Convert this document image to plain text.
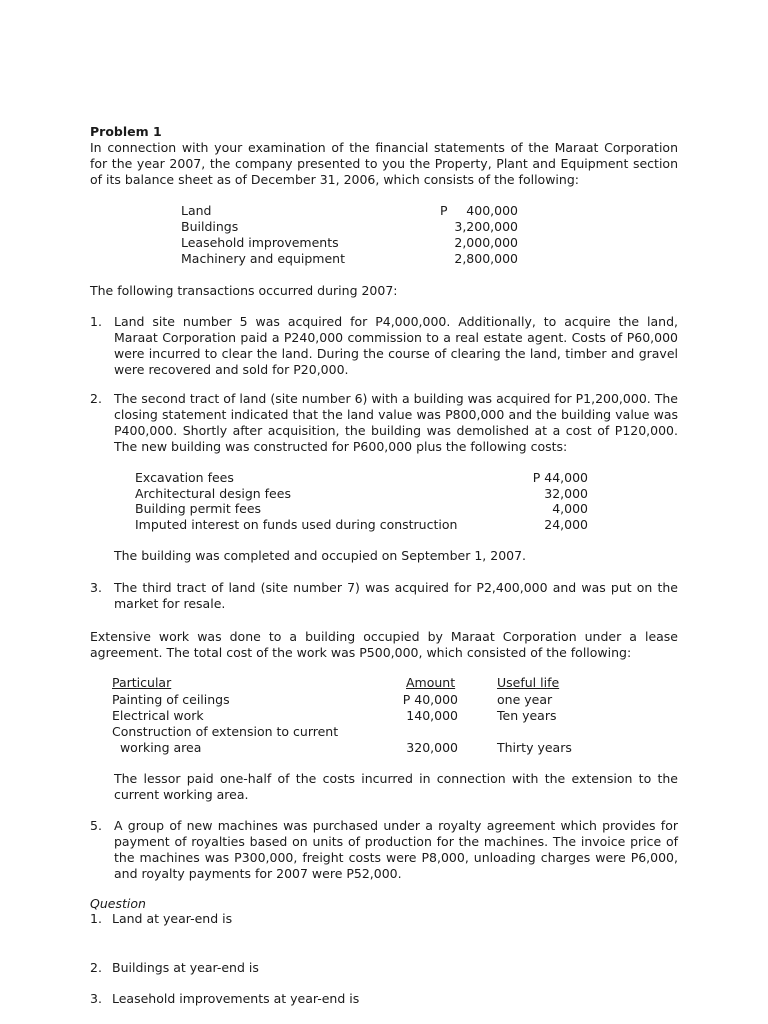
Problem 1
In connection with your examination of the financial statements of the Maraat Corporation for the year 2007, the company presented to you the Property, Plant and Equipment section of its balance sheet as of December 31, 2006, which consists of the following:
Land	P	400,000
Buildings	3,200,000
Leasehold improvements	2,000,000
Machinery and equipment	2,800,000
The following transactions occurred during 2007:
1. Land site number 5 was acquired for P4,000,000. Additionally, to acquire the land, Maraat Corporation paid a P240,000 commission to a real estate agent. Costs of P60,000 were incurred to clear the land. During the course of clearing the land, timber and gravel were recovered and sold for P20,000.
2. The second tract of land (site number 6) with a building was acquired for P1,200,000. The closing statement indicated that the land value was P800,000 and the building value was P400,000. Shortly after acquisition, the building was demolished at a cost of P120,000. The new building was constructed for P600,000 plus the following costs:
Excavation fees	P 44,000
Architectural design fees	32,000
Building permit fees	4,000
Imputed interest on funds used during construction	24,000
The building was completed and occupied on September 1, 2007.
3. The third tract of land (site number 7) was acquired for P2,400,000 and was put on the market for resale.
Extensive work was done to a building occupied by Maraat Corporation under a lease agreement. The total cost of the work was P500,000, which consisted of the following:
Particular	Amount	Useful life
Painting of ceilings	P 40,000	one year
Electrical work	140,000	Ten years
Construction of extension to current
working area	320,000	Thirty years
The lessor paid one-half of the costs incurred in connection with the extension to the current working area.
5. A group of new machines was purchased under a royalty agreement which provides for payment of royalties based on units of production for the machines. The invoice price of the machines was P300,000, freight costs were P8,000, unloading charges were P6,000, and royalty payments for 2007 were P52,000.
Question
1. Land at year-end is
2. Buildings at year-end is
3. Leasehold improvements at year-end is
